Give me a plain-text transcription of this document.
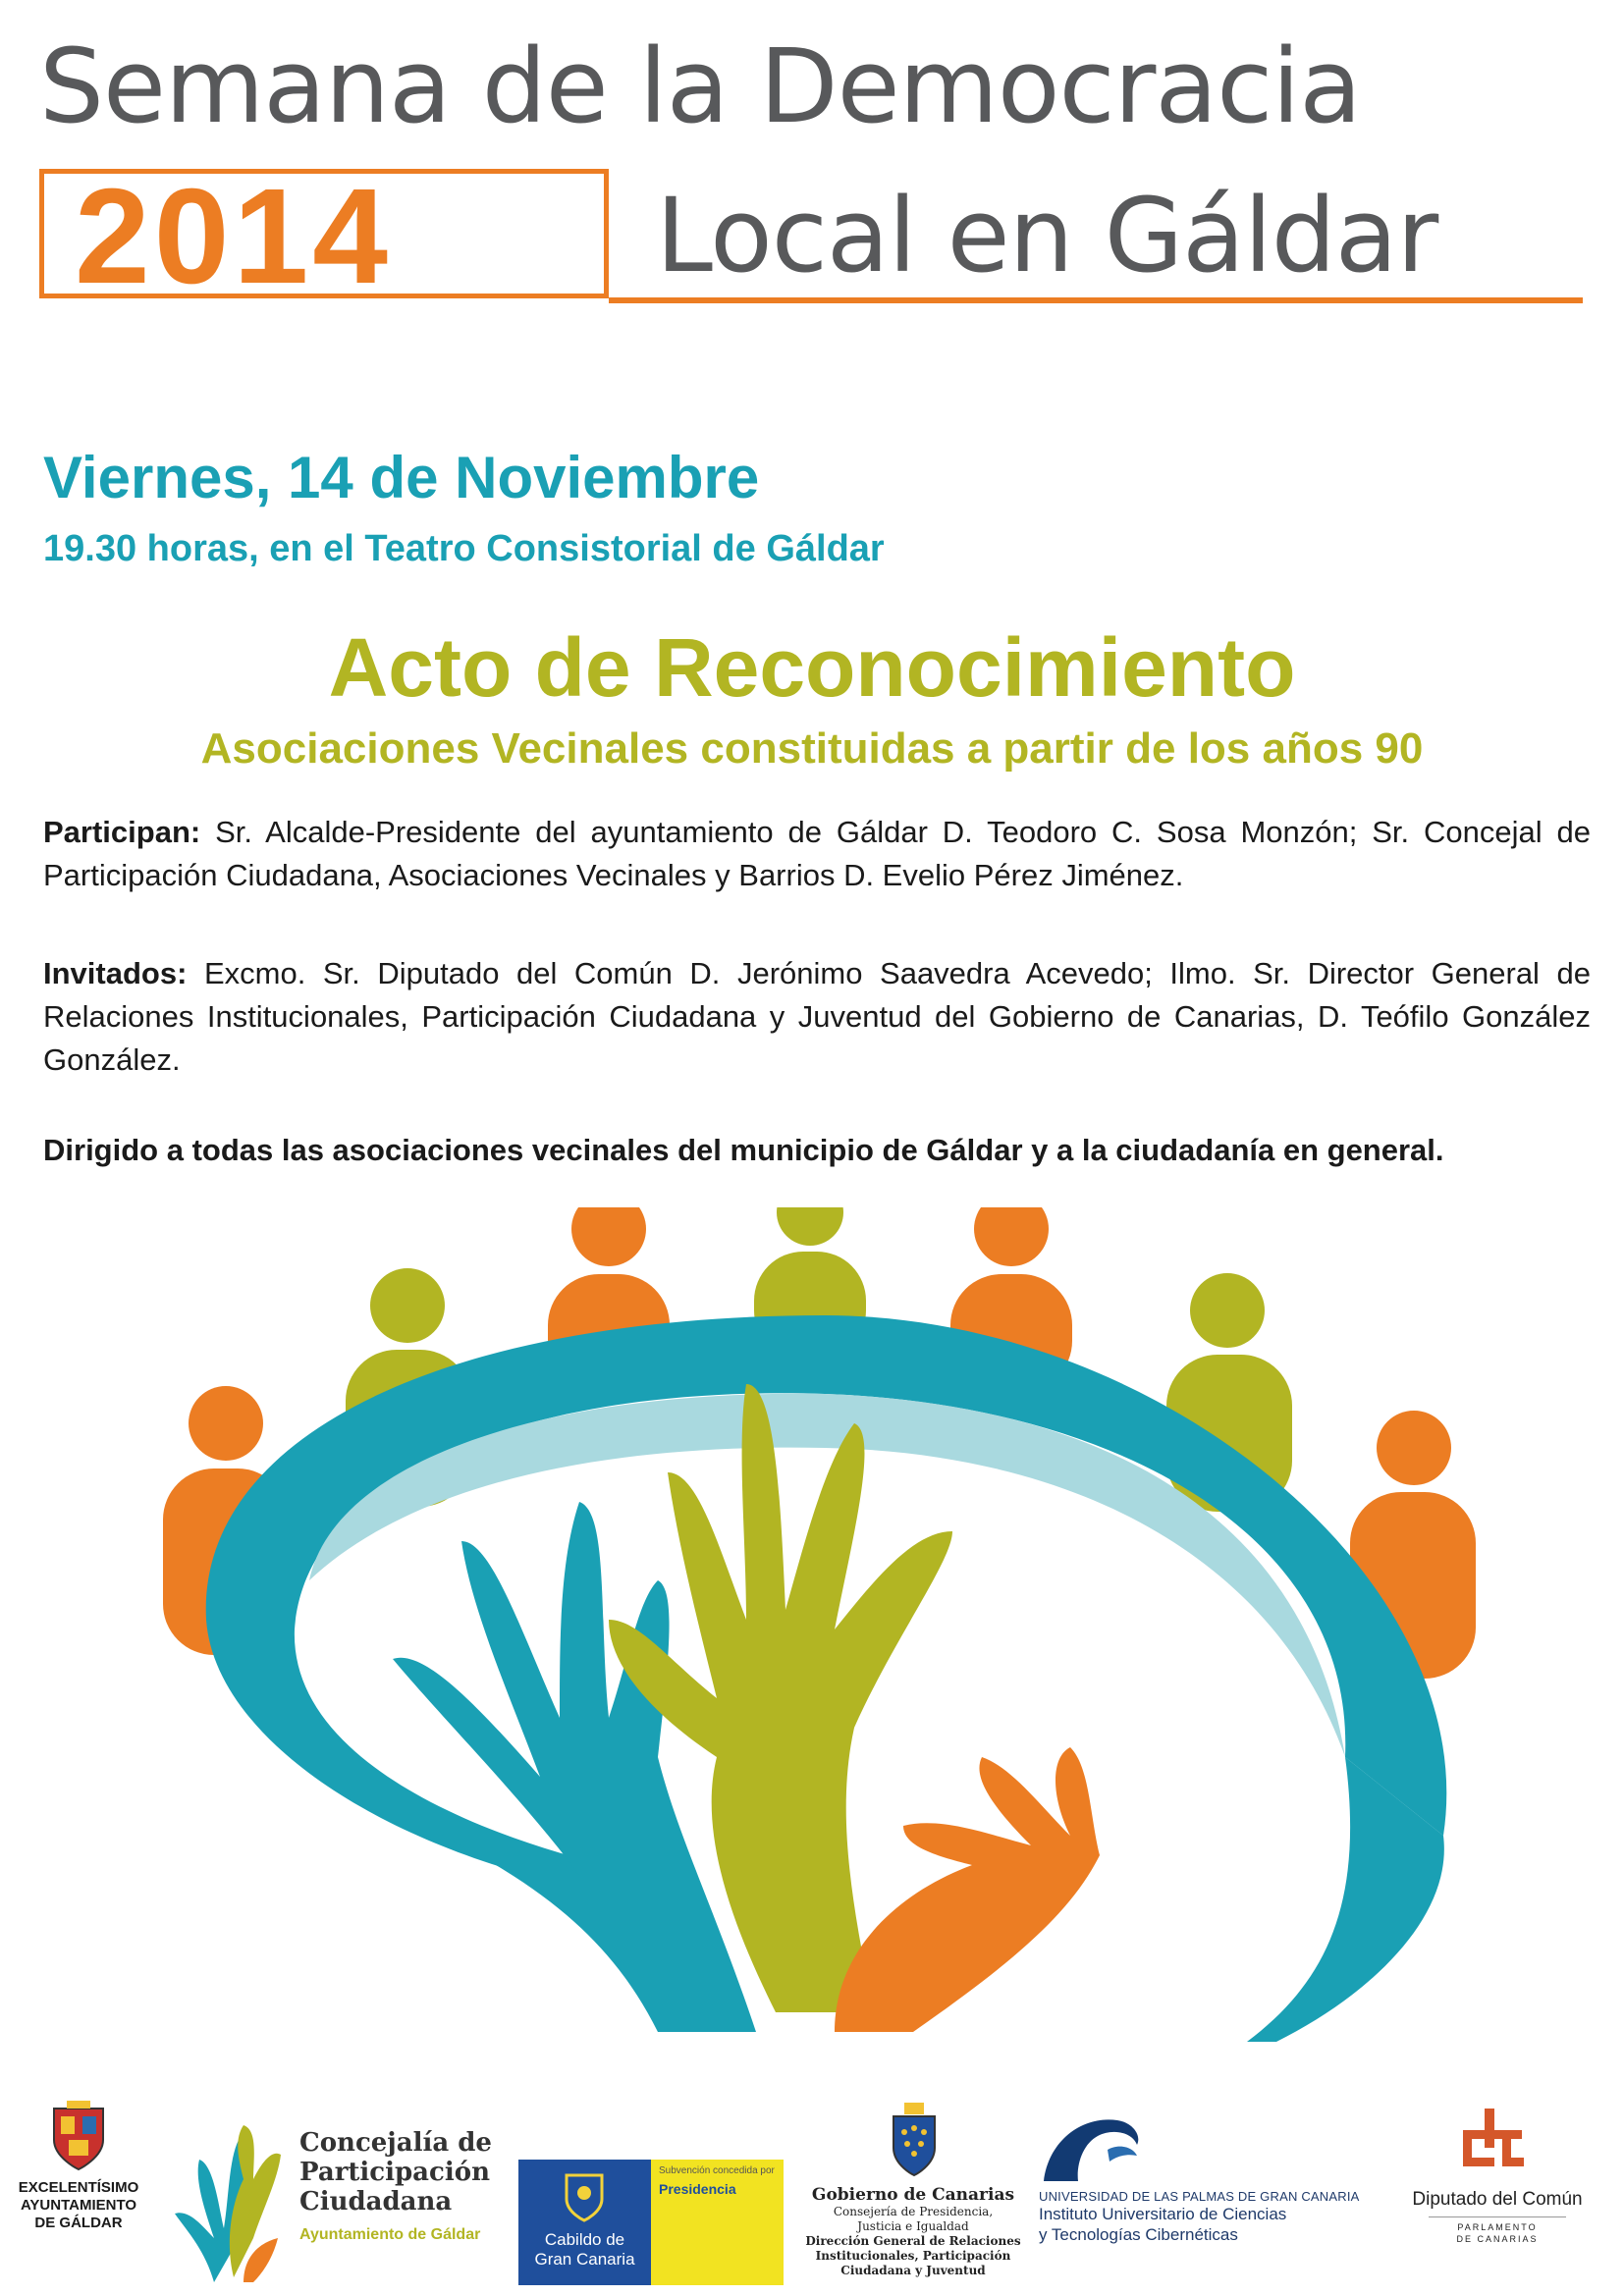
Semana de la Democracia
2014	Local en Gáldar
Viernes, 14 de Noviembre
19.30 horas, en el Teatro Consistorial de Gáldar
Acto de Reconocimiento
Asociaciones Vecinales constituidas a partir de los años 90
Participan: Sr. Alcalde-Presidente del ayuntamiento de Gáldar D. Teodoro C. Sosa Monzón; Sr. Concejal de Participación Ciudadana, Asociaciones Vecinales y Barrios D. Evelio Pérez Jiménez.
Invitados: Excmo. Sr. Diputado del Común D. Jerónimo Saavedra Acevedo; Ilmo. Sr. Director General de Relaciones Institucionales, Participación Ciudadana y Juventud del Gobierno de Canarias, D. Teófilo González González.
Dirigido a todas las asociaciones vecinales del municipio de Gáldar y a la ciudadanía en general.
EXCELENTÍSIMO
AYUNTAMIENTO
DE GÁLDAR
Concejalía de
Participación
Ciudadana
Ayuntamiento de Gáldar	Cabildo de
Gran Canaria
Subvención concedida por
Presidencia	Gobierno de Canarias
Consejería de Presidencia,
Justicia e Igualdad
Dirección General de Relaciones
Institucionales, Participación
Ciudadana y Juventud
UNIVERSIDAD DE LAS PALMAS DE GRAN CANARIA
Instituto Universitario de Ciencias
y Tecnologías Cibernéticas
Diputado del Común
PARLAMENTO
DE CANARIAS
